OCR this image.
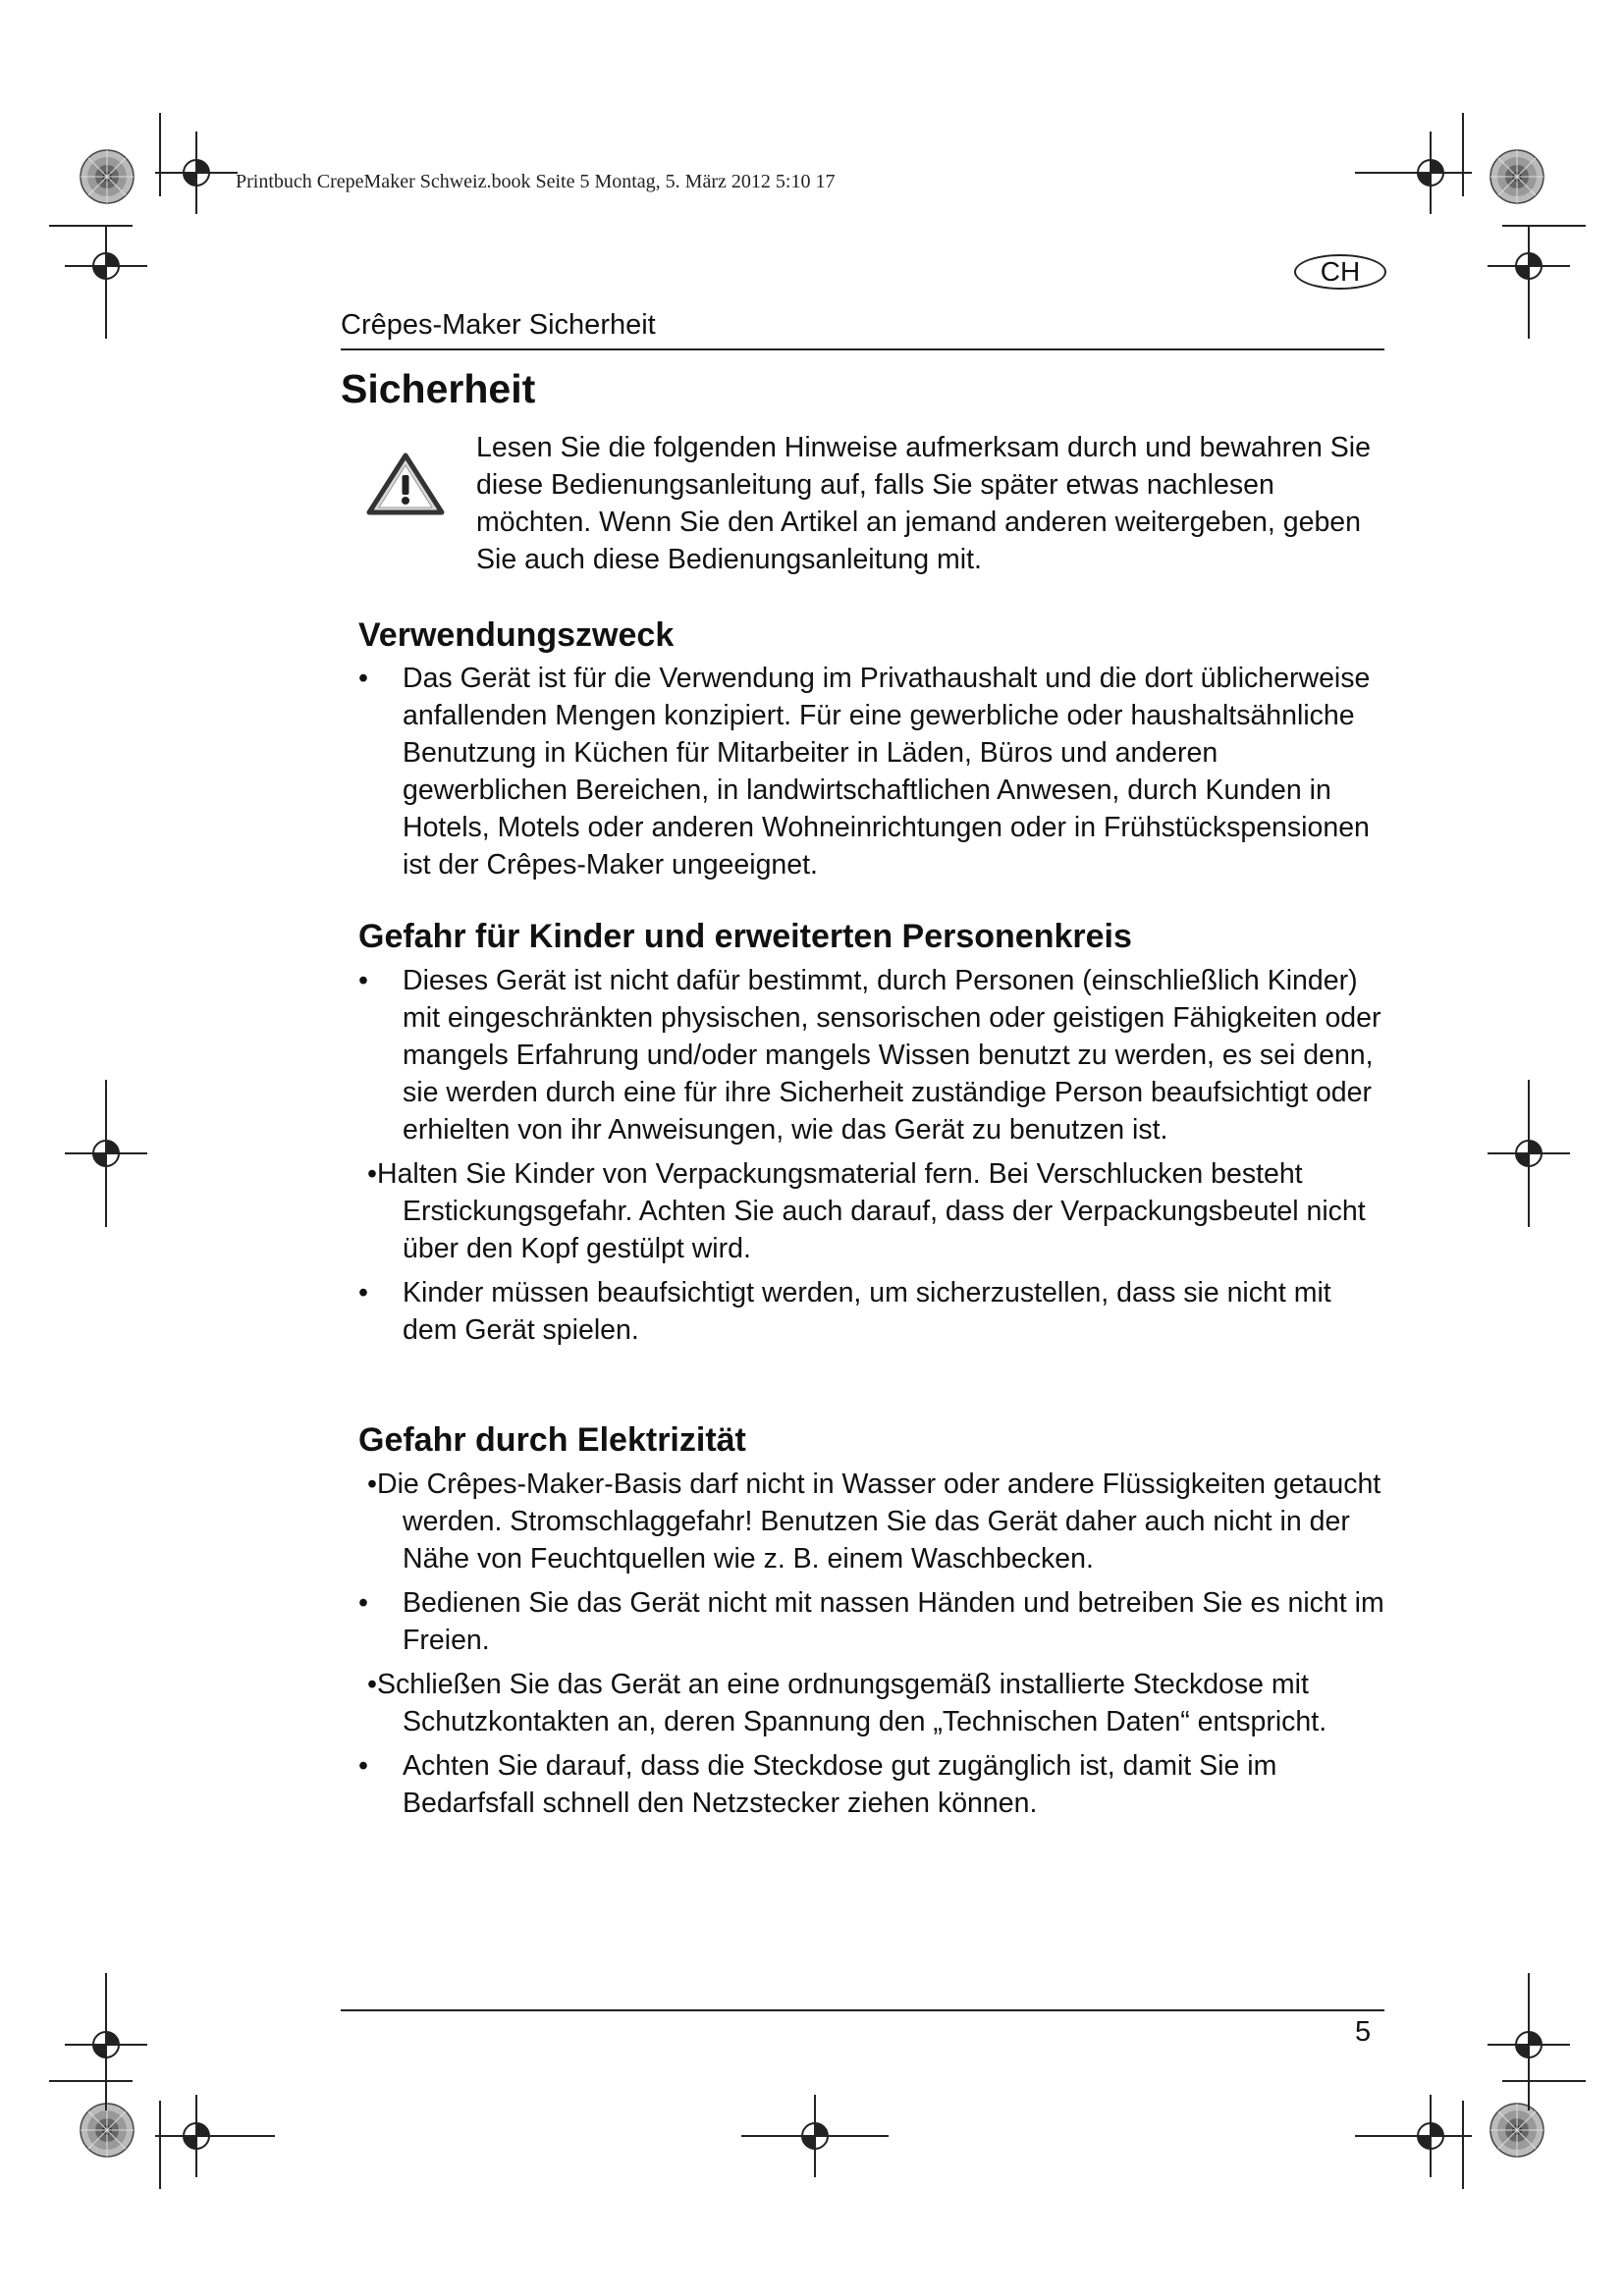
Printbuch CrepeMaker Schweiz.book Seite 5 Montag, 5. März 2012 5:10 17
CH
Crêpes-Maker Sicherheit
Sicherheit

Lesen Sie die folgenden Hinweise aufmerksam durch und bewahren Sie diese Bedienungsanleitung auf, falls Sie später etwas nachlesen möchten. Wenn Sie den Artikel an jemand anderen weitergeben, geben Sie auch diese Bedienungsanleitung mit.

Verwendungszweck
• Das Gerät ist für die Verwendung im Privathaushalt und die dort üblicherweise anfallenden Mengen konzipiert. Für eine gewerbliche oder haushaltsähnliche Benutzung in Küchen für Mitarbeiter in Läden, Büros und anderen gewerblichen Bereichen, in landwirtschaftlichen Anwesen, durch Kunden in Hotels, Motels oder anderen Wohneinrichtungen oder in Frühstückspensionen ist der Crêpes-Maker ungeeignet.
Gefahr für Kinder und erweiterten Personenkreis
• Dieses Gerät ist nicht dafür bestimmt, durch Personen (einschließlich Kinder) mit eingeschränkten physischen, sensorischen oder geistigen Fähigkeiten oder mangels Erfahrung und/oder mangels Wissen benutzt zu werden, es sei denn, sie werden durch eine für ihre Sicherheit zuständige Person beaufsichtigt oder erhielten von ihr Anweisungen, wie das Gerät zu benutzen ist.
•Halten Sie Kinder von Verpackungsmaterial fern. Bei Verschlucken besteht Erstickungsgefahr. Achten Sie auch darauf, dass der Verpackungsbeutel nicht über den Kopf gestülpt wird.
• Kinder müssen beaufsichtigt werden, um sicherzustellen, dass sie nicht mit dem Gerät spielen.
Gefahr durch Elektrizität
•Die Crêpes-Maker-Basis darf nicht in Wasser oder andere Flüssigkeiten getaucht werden. Stromschlaggefahr! Benutzen Sie das Gerät daher auch nicht in der Nähe von Feuchtquellen wie z. B. einem Waschbecken.
• Bedienen Sie das Gerät nicht mit nassen Händen und betreiben Sie es nicht im Freien.
•Schließen Sie das Gerät an eine ordnungsgemäß installierte Steckdose mit Schutzkontakten an, deren Spannung den „Technischen Daten“ entspricht.
• Achten Sie darauf, dass die Steckdose gut zugänglich ist, damit Sie im Bedarfsfall schnell den Netzstecker ziehen können.
5
